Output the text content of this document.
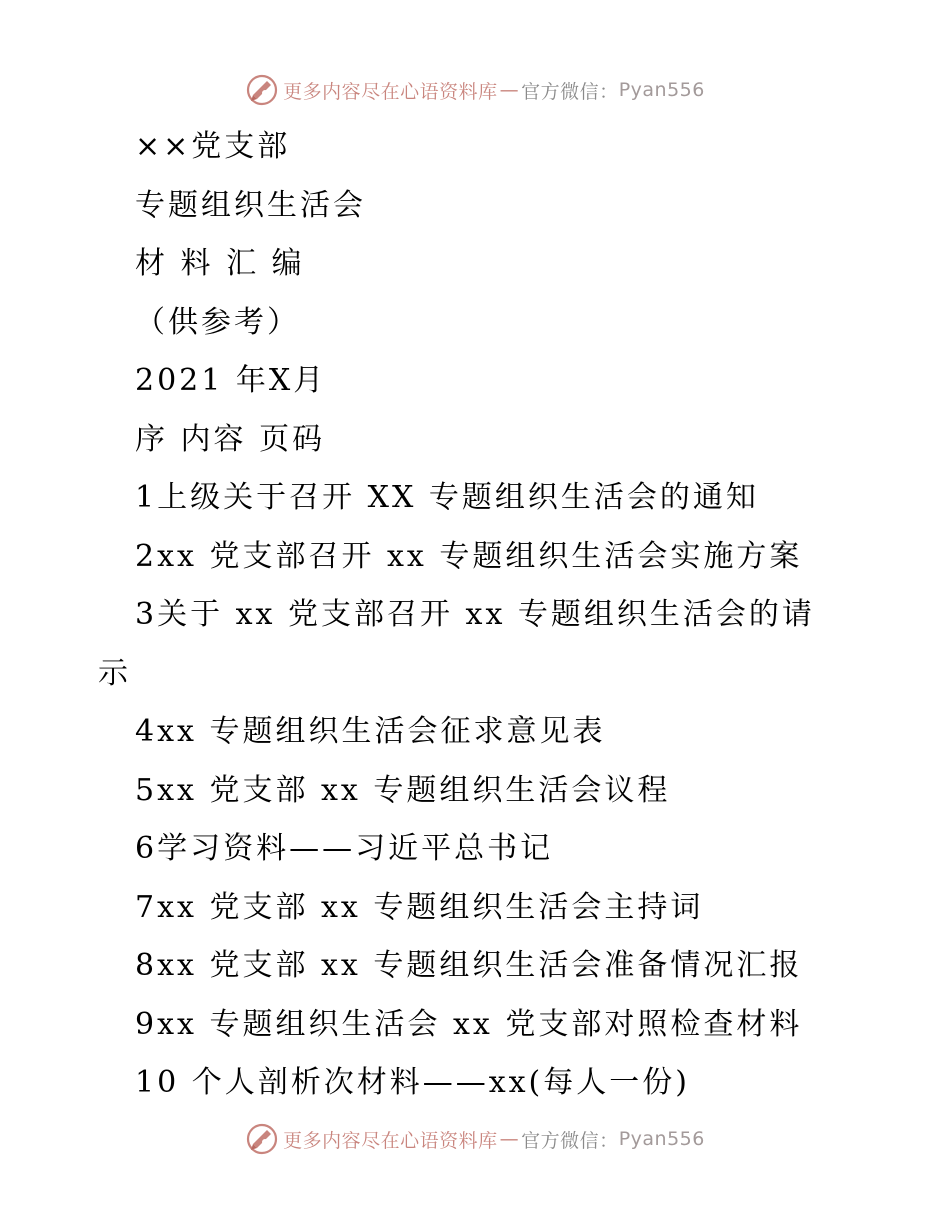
更多内容尽在心语资料库 — 官方微信： Pyan556
××党支部
专题组织生活会
材 料 汇 编
（供参考）
2021 年X月
序 内容 页码
1上级关于召开 XX 专题组织生活会的通知
2xx 党支部召开 xx 专题组织生活会实施方案
3关于 xx 党支部召开 xx 专题组织生活会的请
示
4xx 专题组织生活会征求意见表
5xx 党支部 xx 专题组织生活会议程
6学习资料——习近平总书记
7xx 党支部 xx 专题组织生活会主持词
8xx 党支部 xx 专题组织生活会准备情况汇报
9xx 专题组织生活会 xx 党支部对照检查材料
10 个人剖析次材料——xx(每人一份)
更多内容尽在心语资料库 — 官方微信： Pyan556
